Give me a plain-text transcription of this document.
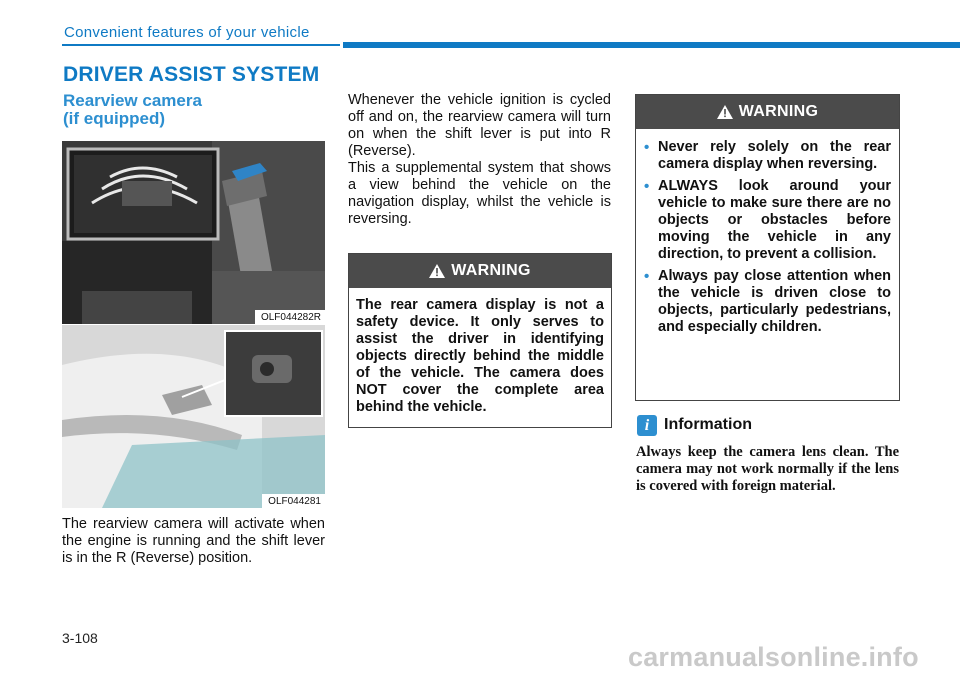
Convenient features of your vehicle
DRIVER ASSIST SYSTEM
Rearview camera
(if equipped)
OLF044282R
OLF044281
The rearview camera will activate when the engine is running and the shift lever is in the R (Reverse) position.
Whenever the vehicle ignition is cycled off and on, the rearview camera will turn on when the shift lever is put into R (Reverse).
This a supplemental system that shows a view behind the vehicle on the navigation display, whilst the vehicle is reversing.
WARNING
The rear camera display is not a safety device. It only serves to assist the driver in identifying objects directly behind the middle of the vehicle. The camera does NOT cover the complete area behind the vehicle.
WARNING
• Never rely solely on the rear camera display when reversing.
• ALWAYS look around your vehicle to make sure there are no objects or obstacles before moving the vehicle in any direction, to prevent a collision.
• Always pay close attention when the vehicle is driven close to objects, particularly pedestrians, and especially children.
i Information
Always keep the camera lens clean. The camera may not work normally if the lens is covered with foreign material.
3-108
carmanualsonline.info
